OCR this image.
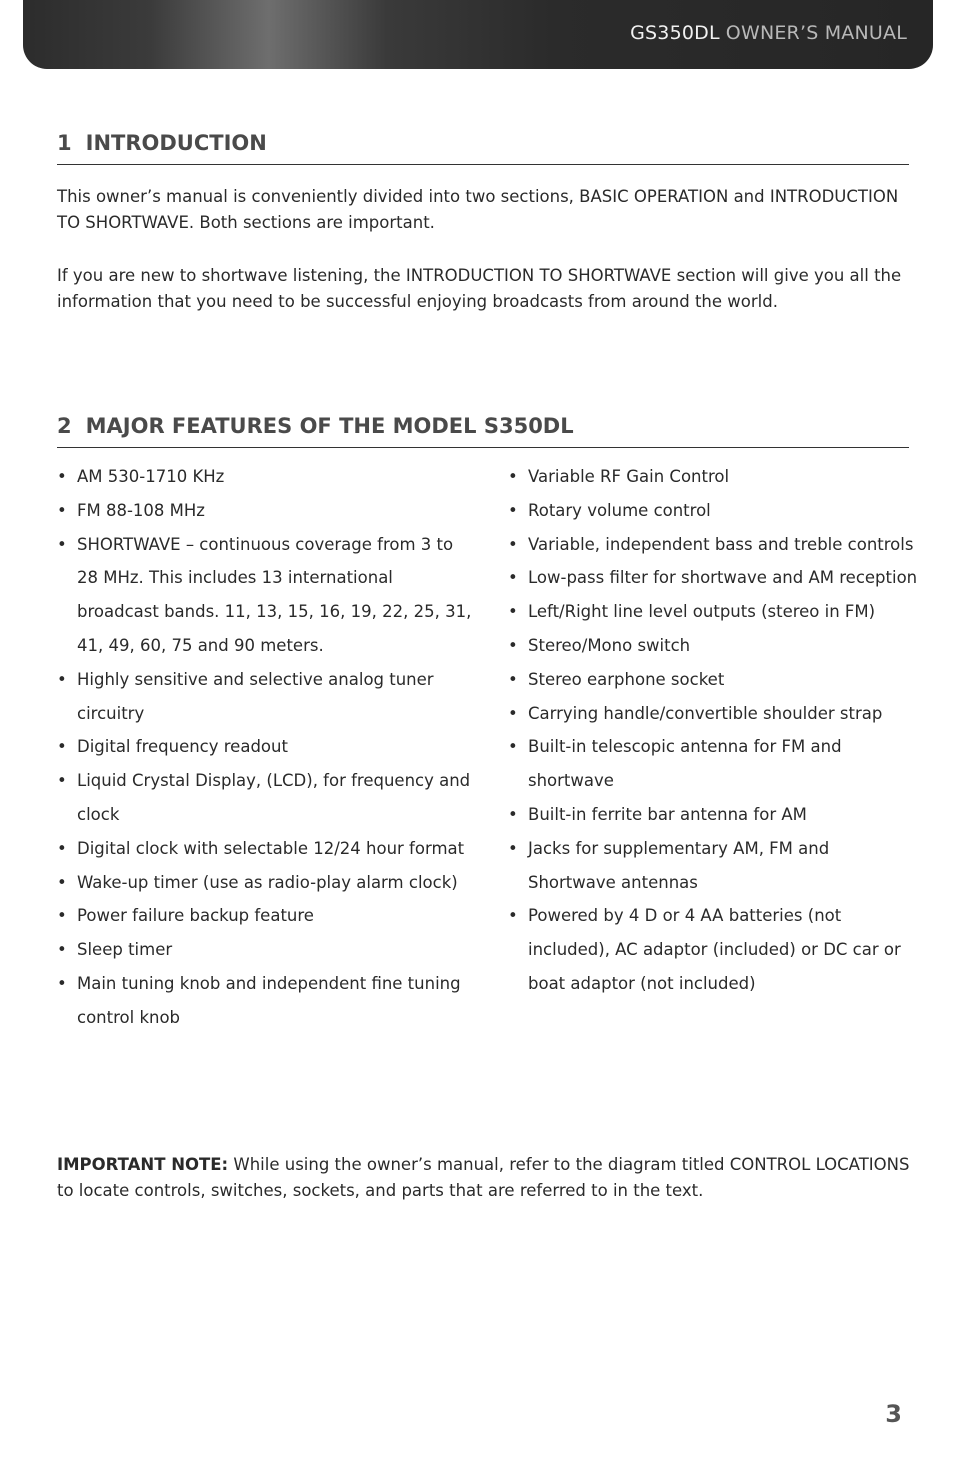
GS350DL OWNER’S MANUAL
1 INTRODUCTION

This owner’s manual is conveniently divided into two sections, BASIC OPERATION and INTRODUCTION TO SHORTWAVE. Both sections are important.

If you are new to shortwave listening, the INTRODUCTION TO SHORTWAVE section will give you all the information that you need to be successful enjoying broadcasts from around the world.

2 MAJOR FEATURES OF THE MODEL S350DL
• AM 530-1710 KHz
• FM 88-108 MHz
• SHORTWAVE – continuous coverage from 3 to 28 MHz. This includes 13 international broadcast bands. 11, 13, 15, 16, 19, 22, 25, 31, 41, 49, 60, 75 and 90 meters.
• Highly sensitive and selective analog tuner circuitry
• Digital frequency readout
• Liquid Crystal Display, (LCD), for frequency and clock
• Digital clock with selectable 12/24 hour format
• Wake-up timer (use as radio-play alarm clock)
• Power failure backup feature
• Sleep timer
• Main tuning knob and independent fine tuning control knob
• Variable RF Gain Control
• Rotary volume control
• Variable, independent bass and treble controls
• Low-pass filter for shortwave and AM reception
• Left/Right line level outputs (stereo in FM)
• Stereo/Mono switch
• Stereo earphone socket
• Carrying handle/convertible shoulder strap
• Built-in telescopic antenna for FM and shortwave
• Built-in ferrite bar antenna for AM
• Jacks for supplementary AM, FM and Shortwave antennas
• Powered by 4 D or 4 AA batteries (not included), AC adaptor (included) or DC car or boat adaptor (not included)

IMPORTANT NOTE: While using the owner’s manual, refer to the diagram titled CONTROL LOCATIONS to locate controls, switches, sockets, and parts that are referred to in the text.

3
